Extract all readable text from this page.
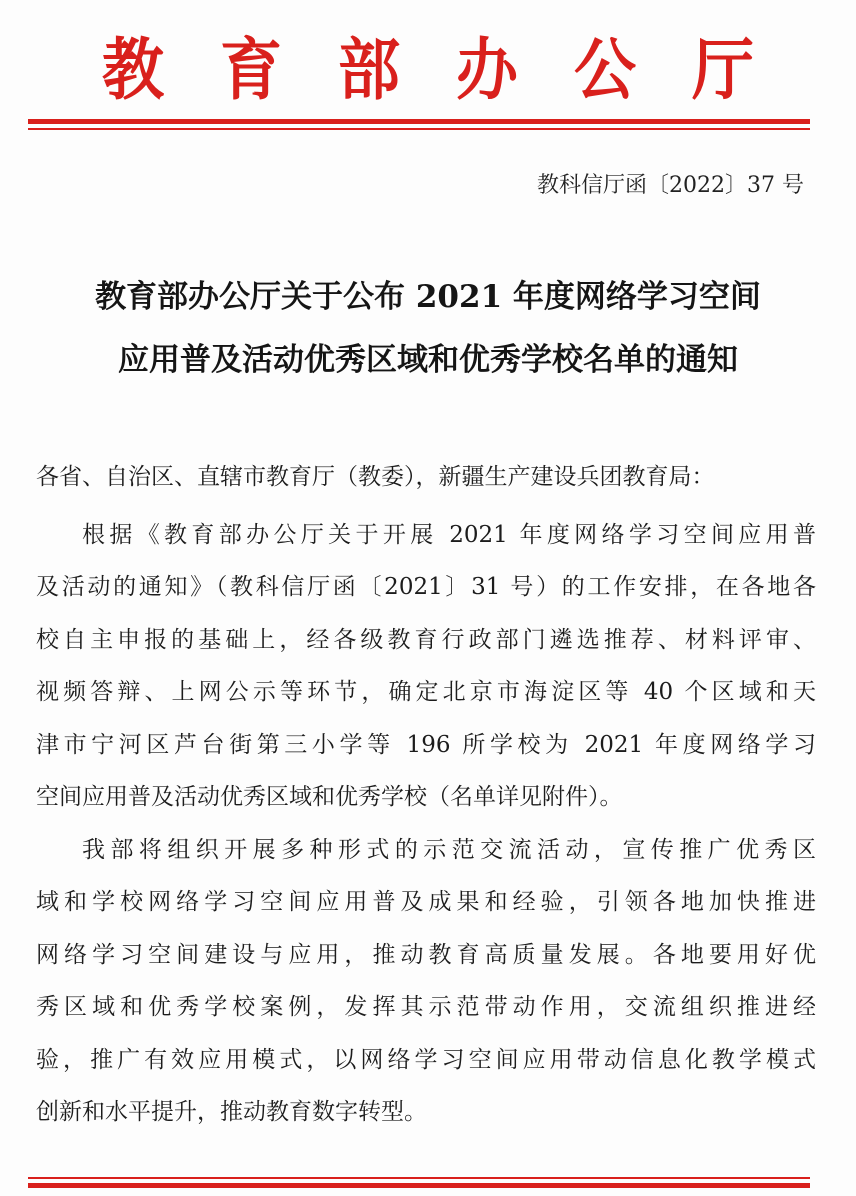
教 育 部 办 公 厅
教科信厅函〔2022〕37 号
教育部办公厅关于公布 2021 年度网络学习空间
应用普及活动优秀区域和优秀学校名单的通知
各省、自治区、直辖市教育厅（教委），新疆生产建设兵团教育局：
根据《教育部办公厅关于开展 2021 年度网络学习空间应用普
及活动的通知》（教科信厅函〔2021〕31 号）的工作安排，在各地各
校自主申报的基础上，经各级教育行政部门遴选推荐、材料评审、
视频答辩、上网公示等环节，确定北京市海淀区等 40 个区域和天
津市宁河区芦台街第三小学等 196 所学校为 2021 年度网络学习
空间应用普及活动优秀区域和优秀学校（名单详见附件）。
我部将组织开展多种形式的示范交流活动，宣传推广优秀区
域和学校网络学习空间应用普及成果和经验，引领各地加快推进
网络学习空间建设与应用，推动教育高质量发展。各地要用好优
秀区域和优秀学校案例，发挥其示范带动作用，交流组织推进经
验，推广有效应用模式，以网络学习空间应用带动信息化教学模式
创新和水平提升，推动教育数字转型。
